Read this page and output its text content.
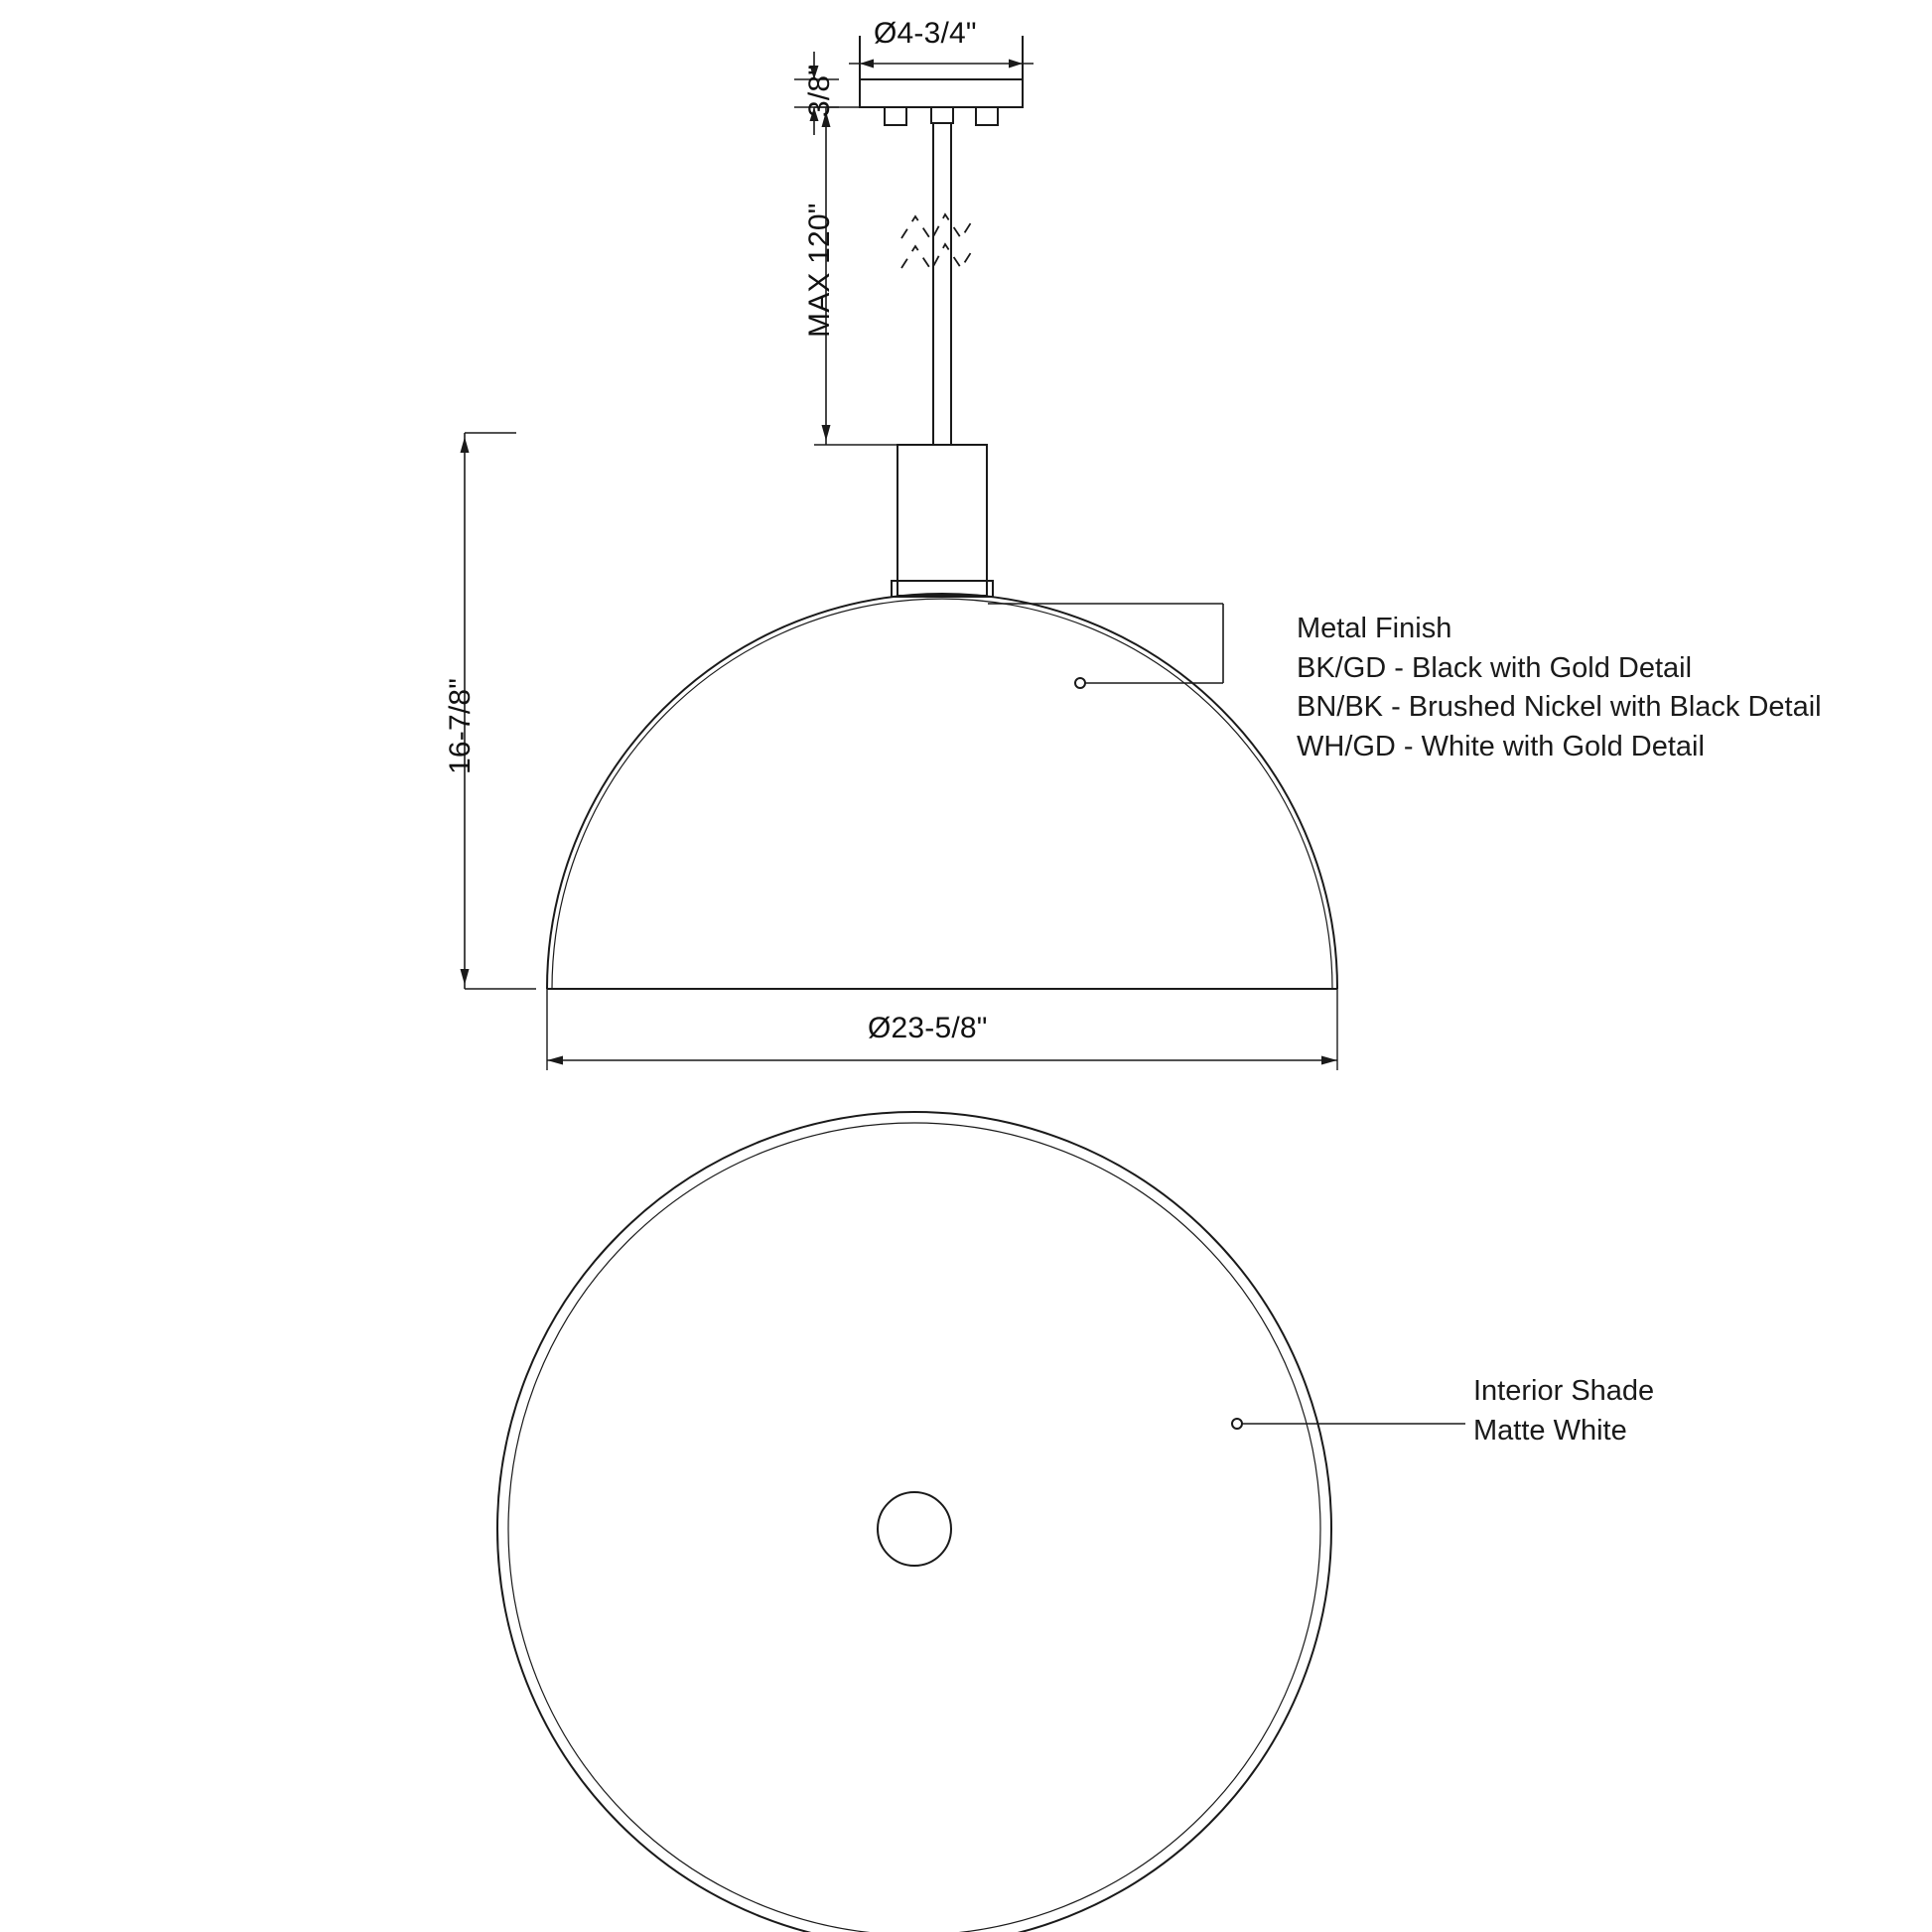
Ø4-3/4"
3/8"
MAX 120"
16-7/8"
Ø23-5/8"
Metal Finish
BK/GD - Black with Gold Detail
BN/BK - Brushed Nickel with Black Detail
WH/GD - White with Gold Detail
Interior Shade
Matte White
